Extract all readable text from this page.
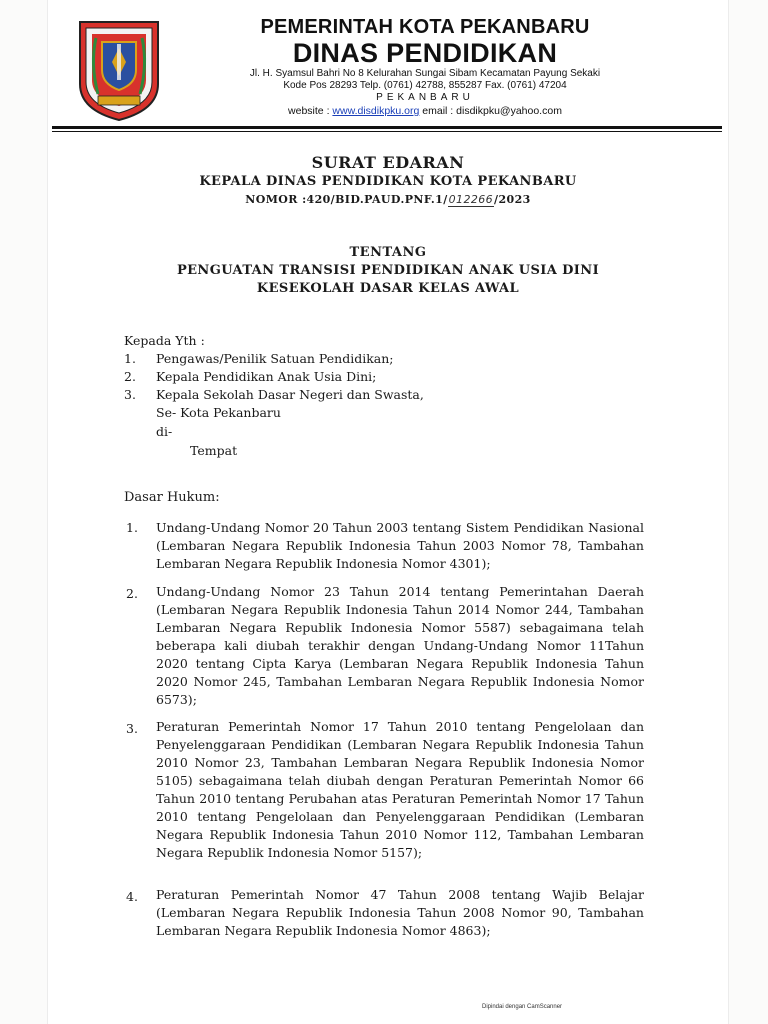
PEMERINTAH KOTA PEKANBARU
DINAS PENDIDIKAN
Jl. H. Syamsul Bahri No 8 Kelurahan Sungai Sibam Kecamatan Payung Sekaki
Kode Pos 28293 Telp. (0761) 42788, 855287 Fax. (0761) 47204
PEKANBARU
website : www.disdikpku.org email : disdikpku@yahoo.com
SURAT EDARAN
KEPALA DINAS PENDIDIKAN KOTA PEKANBARU
NOMOR :420/BID.PAUD.PNF.1/012266/2023
TENTANG
PENGUATAN TRANSISI PENDIDIKAN ANAK USIA DINI
KESEKOLAH DASAR KELAS AWAL
Kepada Yth :
1. Pengawas/Penilik Satuan Pendidikan;
2. Kepala Pendidikan Anak Usia Dini;
3. Kepala Sekolah Dasar Negeri dan Swasta,
Se- Kota Pekanbaru
di-
Tempat
Dasar Hukum:
1. Undang-Undang Nomor 20 Tahun 2003 tentang Sistem Pendidikan Nasional (Lembaran Negara Republik Indonesia Tahun 2003 Nomor 78, Tambahan Lembaran Negara Republik Indonesia Nomor 4301);
2. Undang-Undang Nomor 23 Tahun 2014 tentang Pemerintahan Daerah (Lembaran Negara Republik Indonesia Tahun 2014 Nomor 244, Tambahan Lembaran Negara Republik Indonesia Nomor 5587) sebagaimana telah beberapa kali diubah terakhir dengan Undang-Undang Nomor 11Tahun 2020 tentang Cipta Karya (Lembaran Negara Republik Indonesia Tahun 2020 Nomor 245, Tambahan Lembaran Negara Republik Indonesia Nomor 6573);
3. Peraturan Pemerintah Nomor 17 Tahun 2010 tentang Pengelolaan dan Penyelenggaraan Pendidikan (Lembaran Negara Republik Indonesia Tahun 2010 Nomor 23, Tambahan Lembaran Negara Republik Indonesia Nomor 5105) sebagaimana telah diubah dengan Peraturan Pemerintah Nomor 66 Tahun 2010 tentang Perubahan atas Peraturan Pemerintah Nomor 17 Tahun 2010 tentang Pengelolaan dan Penyelenggaraan Pendidikan (Lembaran Negara Republik Indonesia Tahun 2010 Nomor 112, Tambahan Lembaran Negara Republik Indonesia Nomor 5157);
4. Peraturan Pemerintah Nomor 47 Tahun 2008 tentang Wajib Belajar (Lembaran Negara Republik Indonesia Tahun 2008 Nomor 90, Tambahan Lembaran Negara Republik Indonesia Nomor 4863);
Dipindai dengan CamScanner
